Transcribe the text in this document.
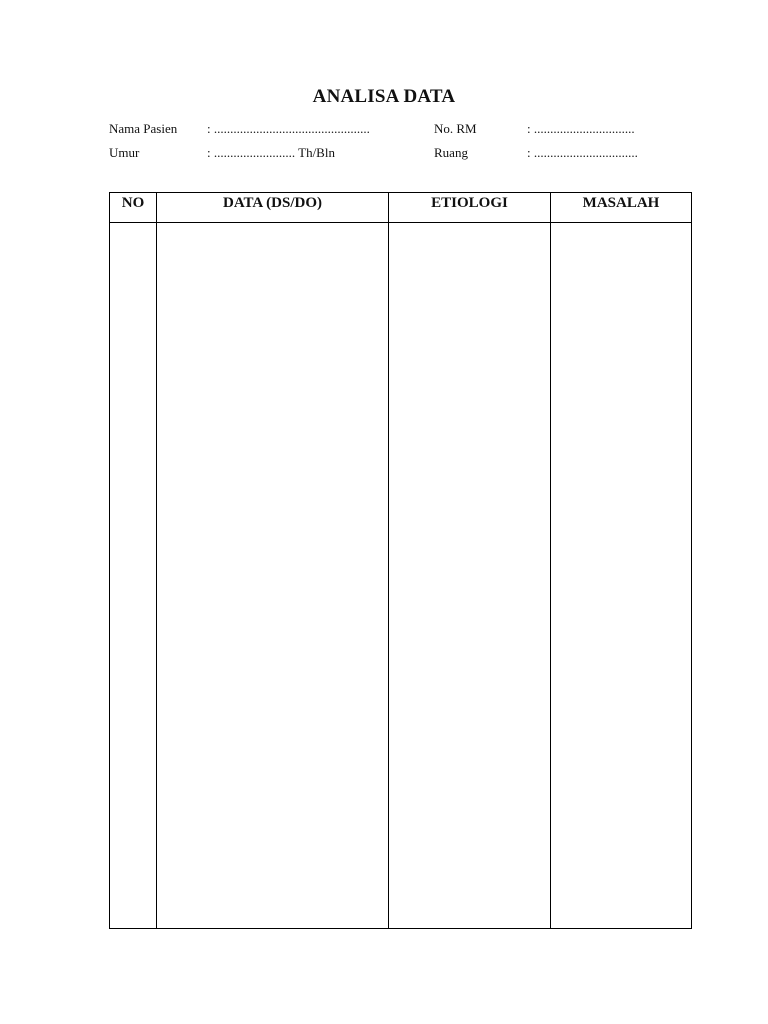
ANALISA DATA
Nama Pasien : ................................................
Umur	: ......................... Th/Bln
No. RM	: ...............................
Ruang	: ................................
NO	DATA (DS/DO)	ETIOLOGI	MASALAH
